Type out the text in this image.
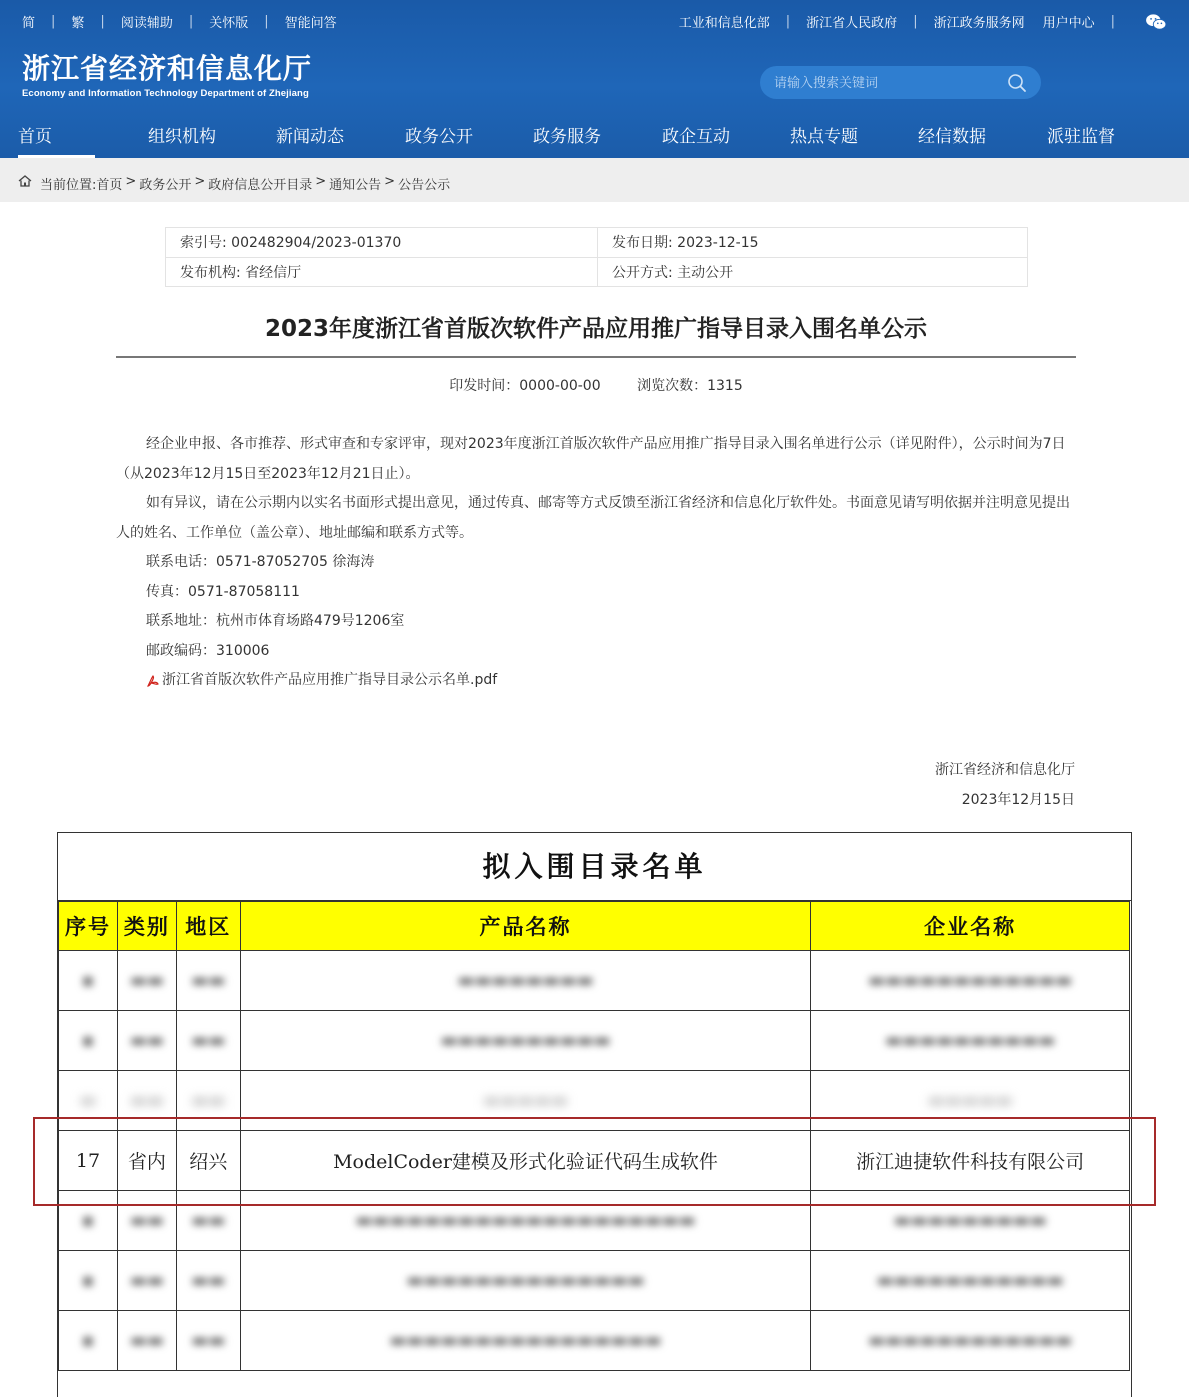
简 | 繁 | 阅读辅助 | 关怀版 | 智能问答	工业和信息化部 | 浙江省人民政府 | 浙江政务服务网 用户中心 |
浙江省经济和信息化厅
Economy and Information Technology Department of Zhejiang
请输入搜索关键词
首页	组织机构	新闻动态	政务公开	政务服务	政企互动	热点专题	经信数据	派驻监督
当前位置: 首页 > 政务公开 > 政府信息公开目录 > 通知公告 > 公告公示
索引号: 002482904/2023-01370	发布日期: 2023-12-15
发布机构: 省经信厅	公开方式: 主动公开
2023年度浙江省首版次软件产品应用推广指导目录入围名单公示
印发时间：0000-00-00	浏览次数：1315

经企业申报、各市推荐、形式审查和专家评审，现对2023年度浙江首版次软件产品应用推广指导目录入围名单进行公示（详见附件），公示时间为7日（从2023年12月15日至2023年12月21日止）。

如有异议，请在公示期内以实名书面形式提出意见，通过传真、邮寄等方式反馈至浙江省经济和信息化厅软件处。书面意见请写明依据并注明意见提出人的姓名、工作单位（盖公章）、地址邮编和联系方式等。

联系电话：0571-87052705 徐海涛
传真：0571-87058111
联系地址：杭州市体育场路479号1206室
邮政编码：310006
浙江省首版次软件产品应用推广指导目录公示名单.pdf
浙江省经济和信息化厅
2023年12月15日
拟入围目录名单
序号	类别	地区	产品名称	企业名称
▪	▬▬	▬▬	▬▬▬▬▬▬▬▬	▬▬▬▬▬▬▬▬▬▬▬▬
▪	▬▬	▬▬	▬▬▬▬▬▬▬▬▬▬	▬▬▬▬▬▬▬▬▬▬
▬	▬▬	▬▬	▬▬▬▬▬	▬▬▬▬▬
17	省内	绍兴	ModelCoder建模及形式化验证代码生成软件	浙江迪捷软件科技有限公司
▪	▬▬	▬▬	▬▬▬▬▬▬▬▬▬▬▬▬▬▬▬▬▬▬▬▬	▬▬▬▬▬▬▬▬▬
▪	▬▬	▬▬	▬▬▬▬▬▬▬▬▬▬▬▬▬▬	▬▬▬▬▬▬▬▬▬▬▬
▪	▬▬	▬▬	▬▬▬▬▬▬▬▬▬▬▬▬▬▬▬▬	▬▬▬▬▬▬▬▬▬▬▬▬
